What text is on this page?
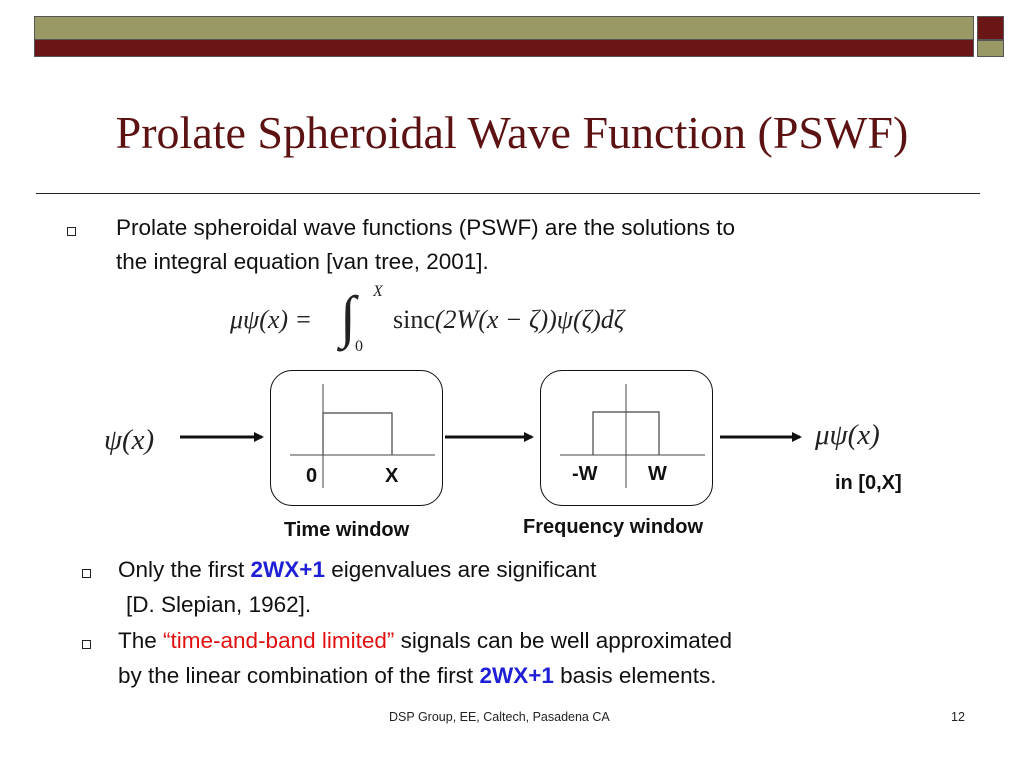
Prolate Spheroidal Wave Function (PSWF)
Prolate spheroidal wave functions (PSWF) are the solutions to
the integral equation [van tree, 2001].
μψ(x) = ∫ X
0
sinc(2W(x − ζ))ψ(ζ)dζ
ψ(x)
0	X
Time window
-W	W
Frequency window
μψ(x)
in [0,X]
Only the first 2WX+1 eigenvalues are significant
[D. Slepian, 1962].
The “time-and-band limited” signals can be well approximated
by the linear combination of the first 2WX+1 basis elements.
DSP Group, EE, Caltech, Pasadena CA	12
